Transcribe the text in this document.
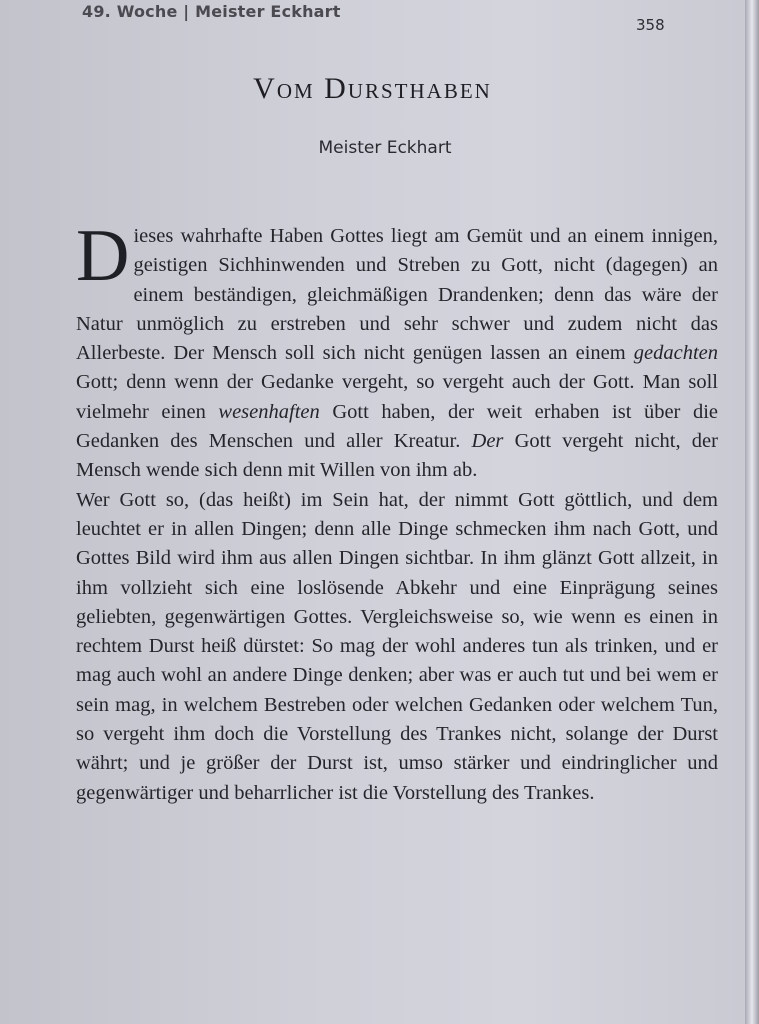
49. Woche | Meister Eckhart
358
Vom Dursthaben
Meister Eckhart

Dieses wahrhafte Haben Gottes liegt am Gemüt und an einem innigen, geistigen Sichhinwenden und Streben zu Gott, nicht (dagegen) an einem beständigen, gleichmäßigen Drandenken; denn das wäre der Natur unmöglich zu erstreben und sehr schwer und zudem nicht das Allerbeste. Der Mensch soll sich nicht genügen lassen an einem gedachten Gott; denn wenn der Gedanke vergeht, so vergeht auch der Gott. Man soll vielmehr einen wesenhaften Gott haben, der weit erhaben ist über die Gedanken des Menschen und aller Kreatur. Der Gott vergeht nicht, der Mensch wende sich denn mit Willen von ihm ab.

Wer Gott so, (das heißt) im Sein hat, der nimmt Gott göttlich, und dem leuchtet er in allen Dingen; denn alle Dinge schmecken ihm nach Gott, und Gottes Bild wird ihm aus allen Dingen sichtbar. In ihm glänzt Gott allzeit, in ihm vollzieht sich eine loslösende Abkehr und eine Einprägung seines geliebten, gegenwärtigen Gottes. Vergleichsweise so, wie wenn es einen in rechtem Durst heiß dürstet: So mag der wohl anderes tun als trinken, und er mag auch wohl an andere Dinge denken; aber was er auch tut und bei wem er sein mag, in welchem Bestreben oder welchen Gedanken oder welchem Tun, so vergeht ihm doch die Vorstellung des Trankes nicht, solange der Durst währt; und je größer der Durst ist, umso stärker und eindringlicher und gegenwärtiger und beharrlicher ist die Vorstellung des Trankes.
